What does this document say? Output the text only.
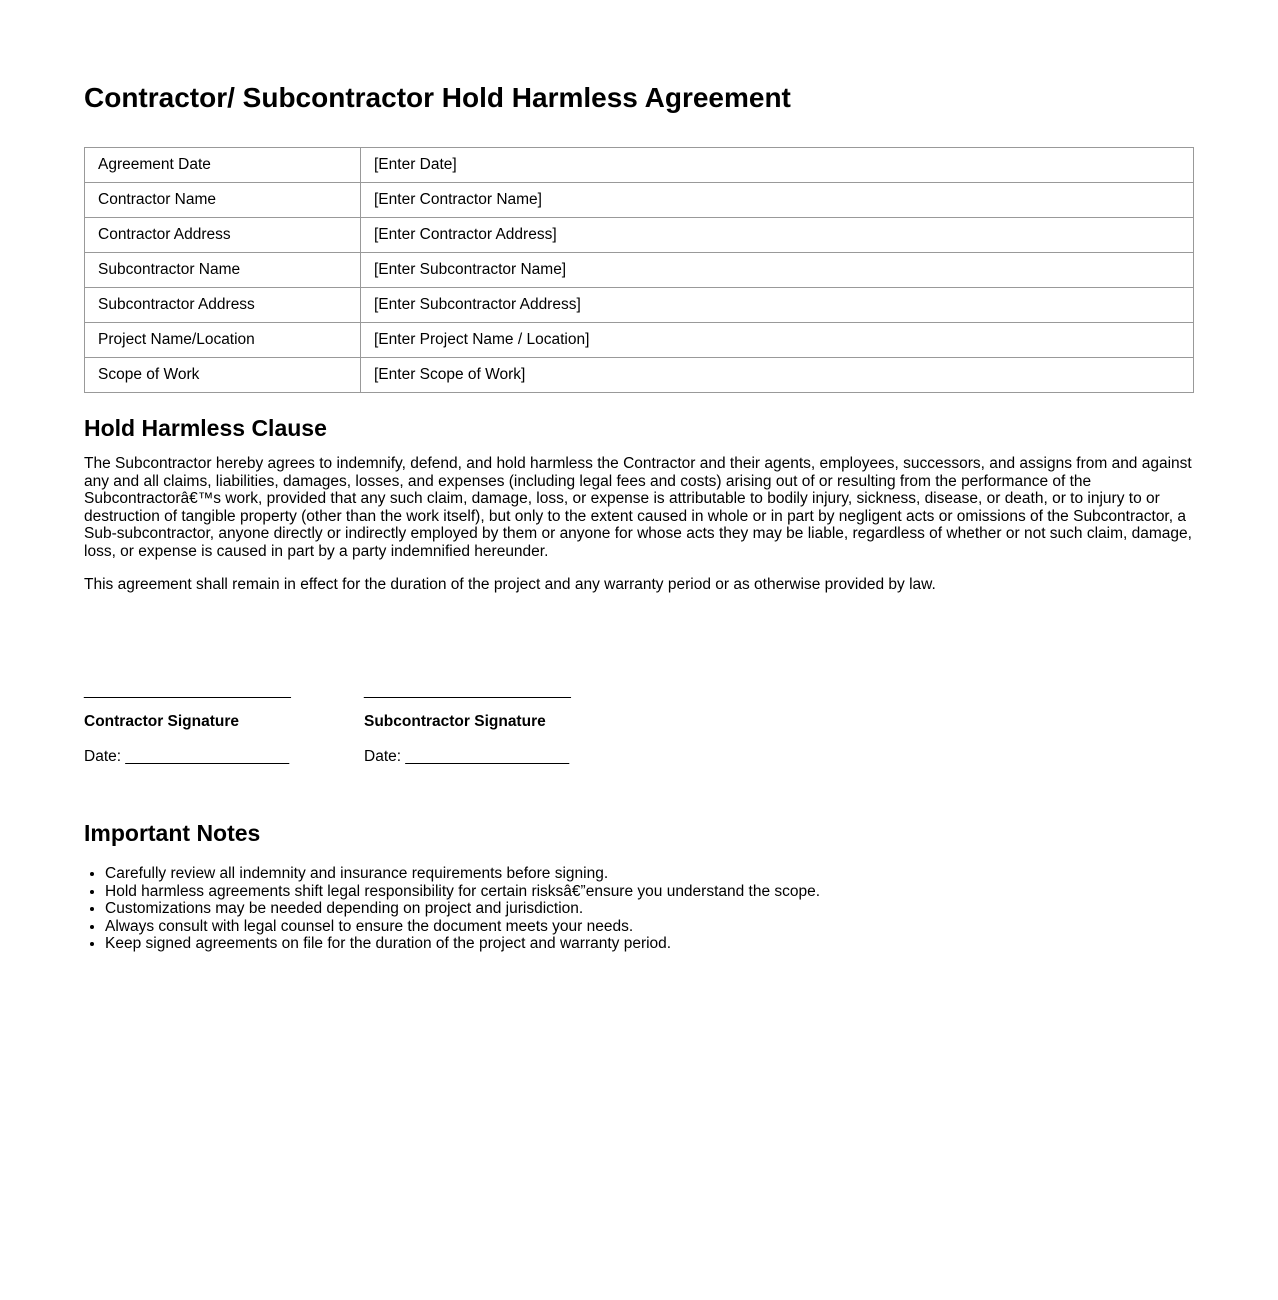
Contractor/ Subcontractor Hold Harmless Agreement
Agreement Date	[Enter Date]
Contractor Name	[Enter Contractor Name]
Contractor Address	[Enter Contractor Address]
Subcontractor Name	[Enter Subcontractor Name]
Subcontractor Address	[Enter Subcontractor Address]
Project Name/Location	[Enter Project Name / Location]
Scope of Work	[Enter Scope of Work]
Hold Harmless Clause

The Subcontractor hereby agrees to indemnify, defend, and hold harmless the Contractor and their agents, employees, successors, and assigns from and against any and all claims, liabilities, damages, losses, and expenses (including legal fees and costs) arising out of or resulting from the performance of the Subcontractorâ€™s work, provided that any such claim, damage, loss, or expense is attributable to bodily injury, sickness, disease, or death, or to injury to or destruction of tangible property (other than the work itself), but only to the extent caused in whole or in part by negligent acts or omissions of the Subcontractor, a Sub-subcontractor, anyone directly or indirectly employed by them or anyone for whose acts they may be liable, regardless of whether or not such claim, damage, loss, or expense is caused in part by a party indemnified hereunder.

This agreement shall remain in effect for the duration of the project and any warranty period or as otherwise provided by law.

________________________

Contractor Signature

Date: ___________________

________________________

Subcontractor Signature

Date: ___________________

Important Notes
• Carefully review all indemnity and insurance requirements before signing.
• Hold harmless agreements shift legal responsibility for certain risksâ€”ensure you understand the scope.
• Customizations may be needed depending on project and jurisdiction.
• Always consult with legal counsel to ensure the document meets your needs.
• Keep signed agreements on file for the duration of the project and warranty period.
